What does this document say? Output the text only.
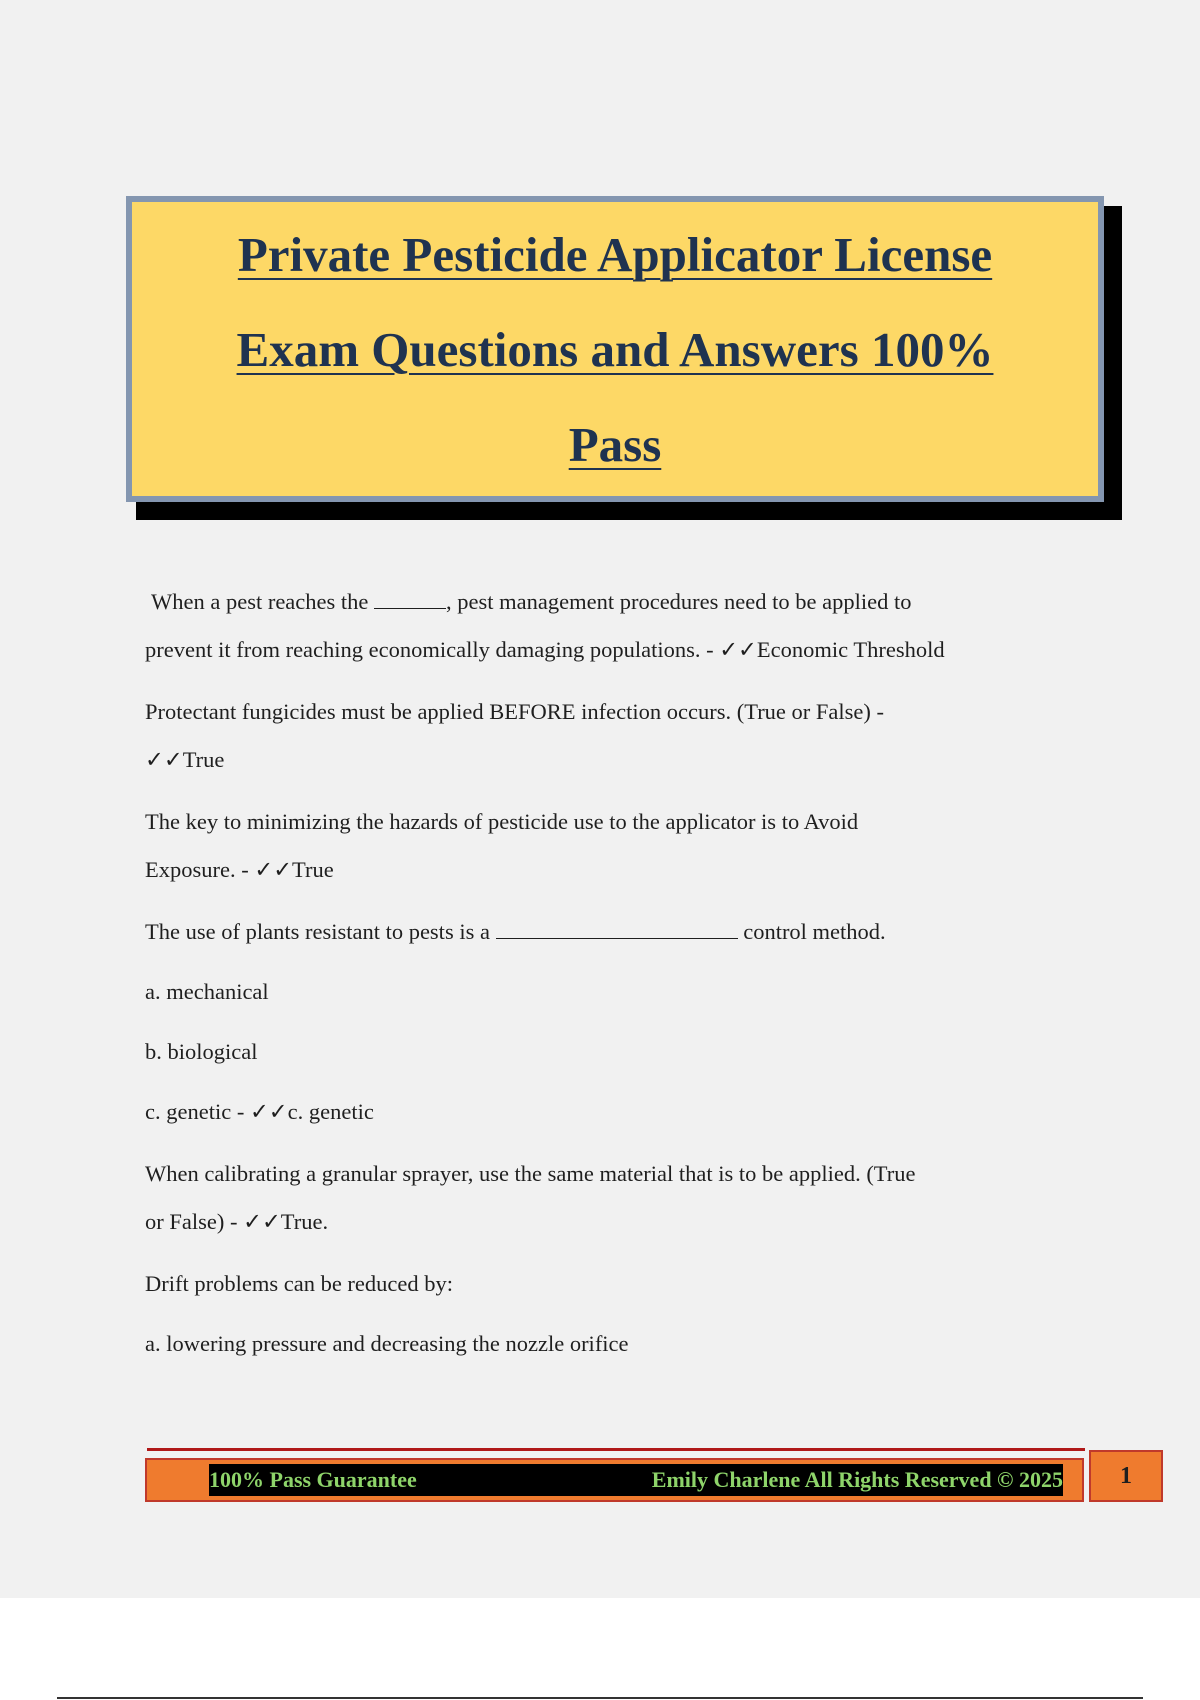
Private Pesticide Applicator License
Exam Questions and Answers 100%
Pass
When a pest reaches the	, pest management procedures need to be applied to
prevent it from reaching economically damaging populations. - ✓✓Economic Threshold
Protectant fungicides must be applied BEFORE infection occurs. (True or False) -
✓✓True
The key to minimizing the hazards of pesticide use to the applicator is to Avoid
Exposure. - ✓✓True
The use of plants resistant to pests is a	control method.
a. mechanical
b. biological
c. genetic - ✓✓c. genetic
When calibrating a granular sprayer, use the same material that is to be applied. (True
or False) - ✓✓True.
Drift problems can be reduced by:
a. lowering pressure and decreasing the nozzle orifice
100% Pass Guarantee	Emily Charlene All Rights Reserved © 2025	1
